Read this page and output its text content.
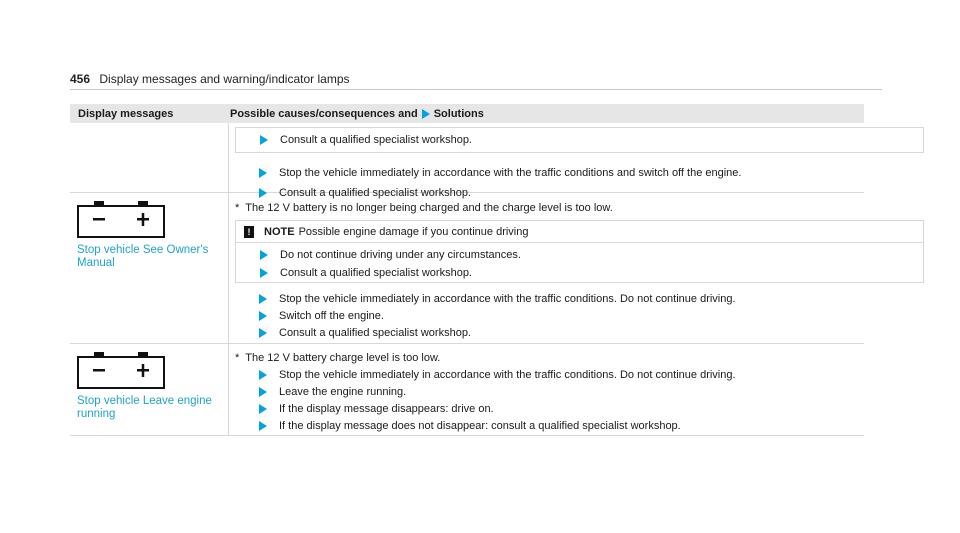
456 Display messages and warning/indicator lamps
Display messages	Possible causes/consequences and Solutions
Consult a qualified specialist workshop.
Stop the vehicle immediately in accordance with the traffic conditions and switch off the engine.
Consult a qualified specialist workshop.
Stop vehicle See Owner's
Manual
* The 12 V battery is no longer being charged and the charge level is too low.
!	NOTE Possible engine damage if you continue driving
Do not continue driving under any circumstances.
Consult a qualified specialist workshop.
Stop the vehicle immediately in accordance with the traffic conditions. Do not continue driving.
Switch off the engine.
Consult a qualified specialist workshop.
Stop vehicle Leave engine
running
* The 12 V battery charge level is too low.
Stop the vehicle immediately in accordance with the traffic conditions. Do not continue driving.
Leave the engine running.
If the display message disappears: drive on.
If the display message does not disappear: consult a qualified specialist workshop.
